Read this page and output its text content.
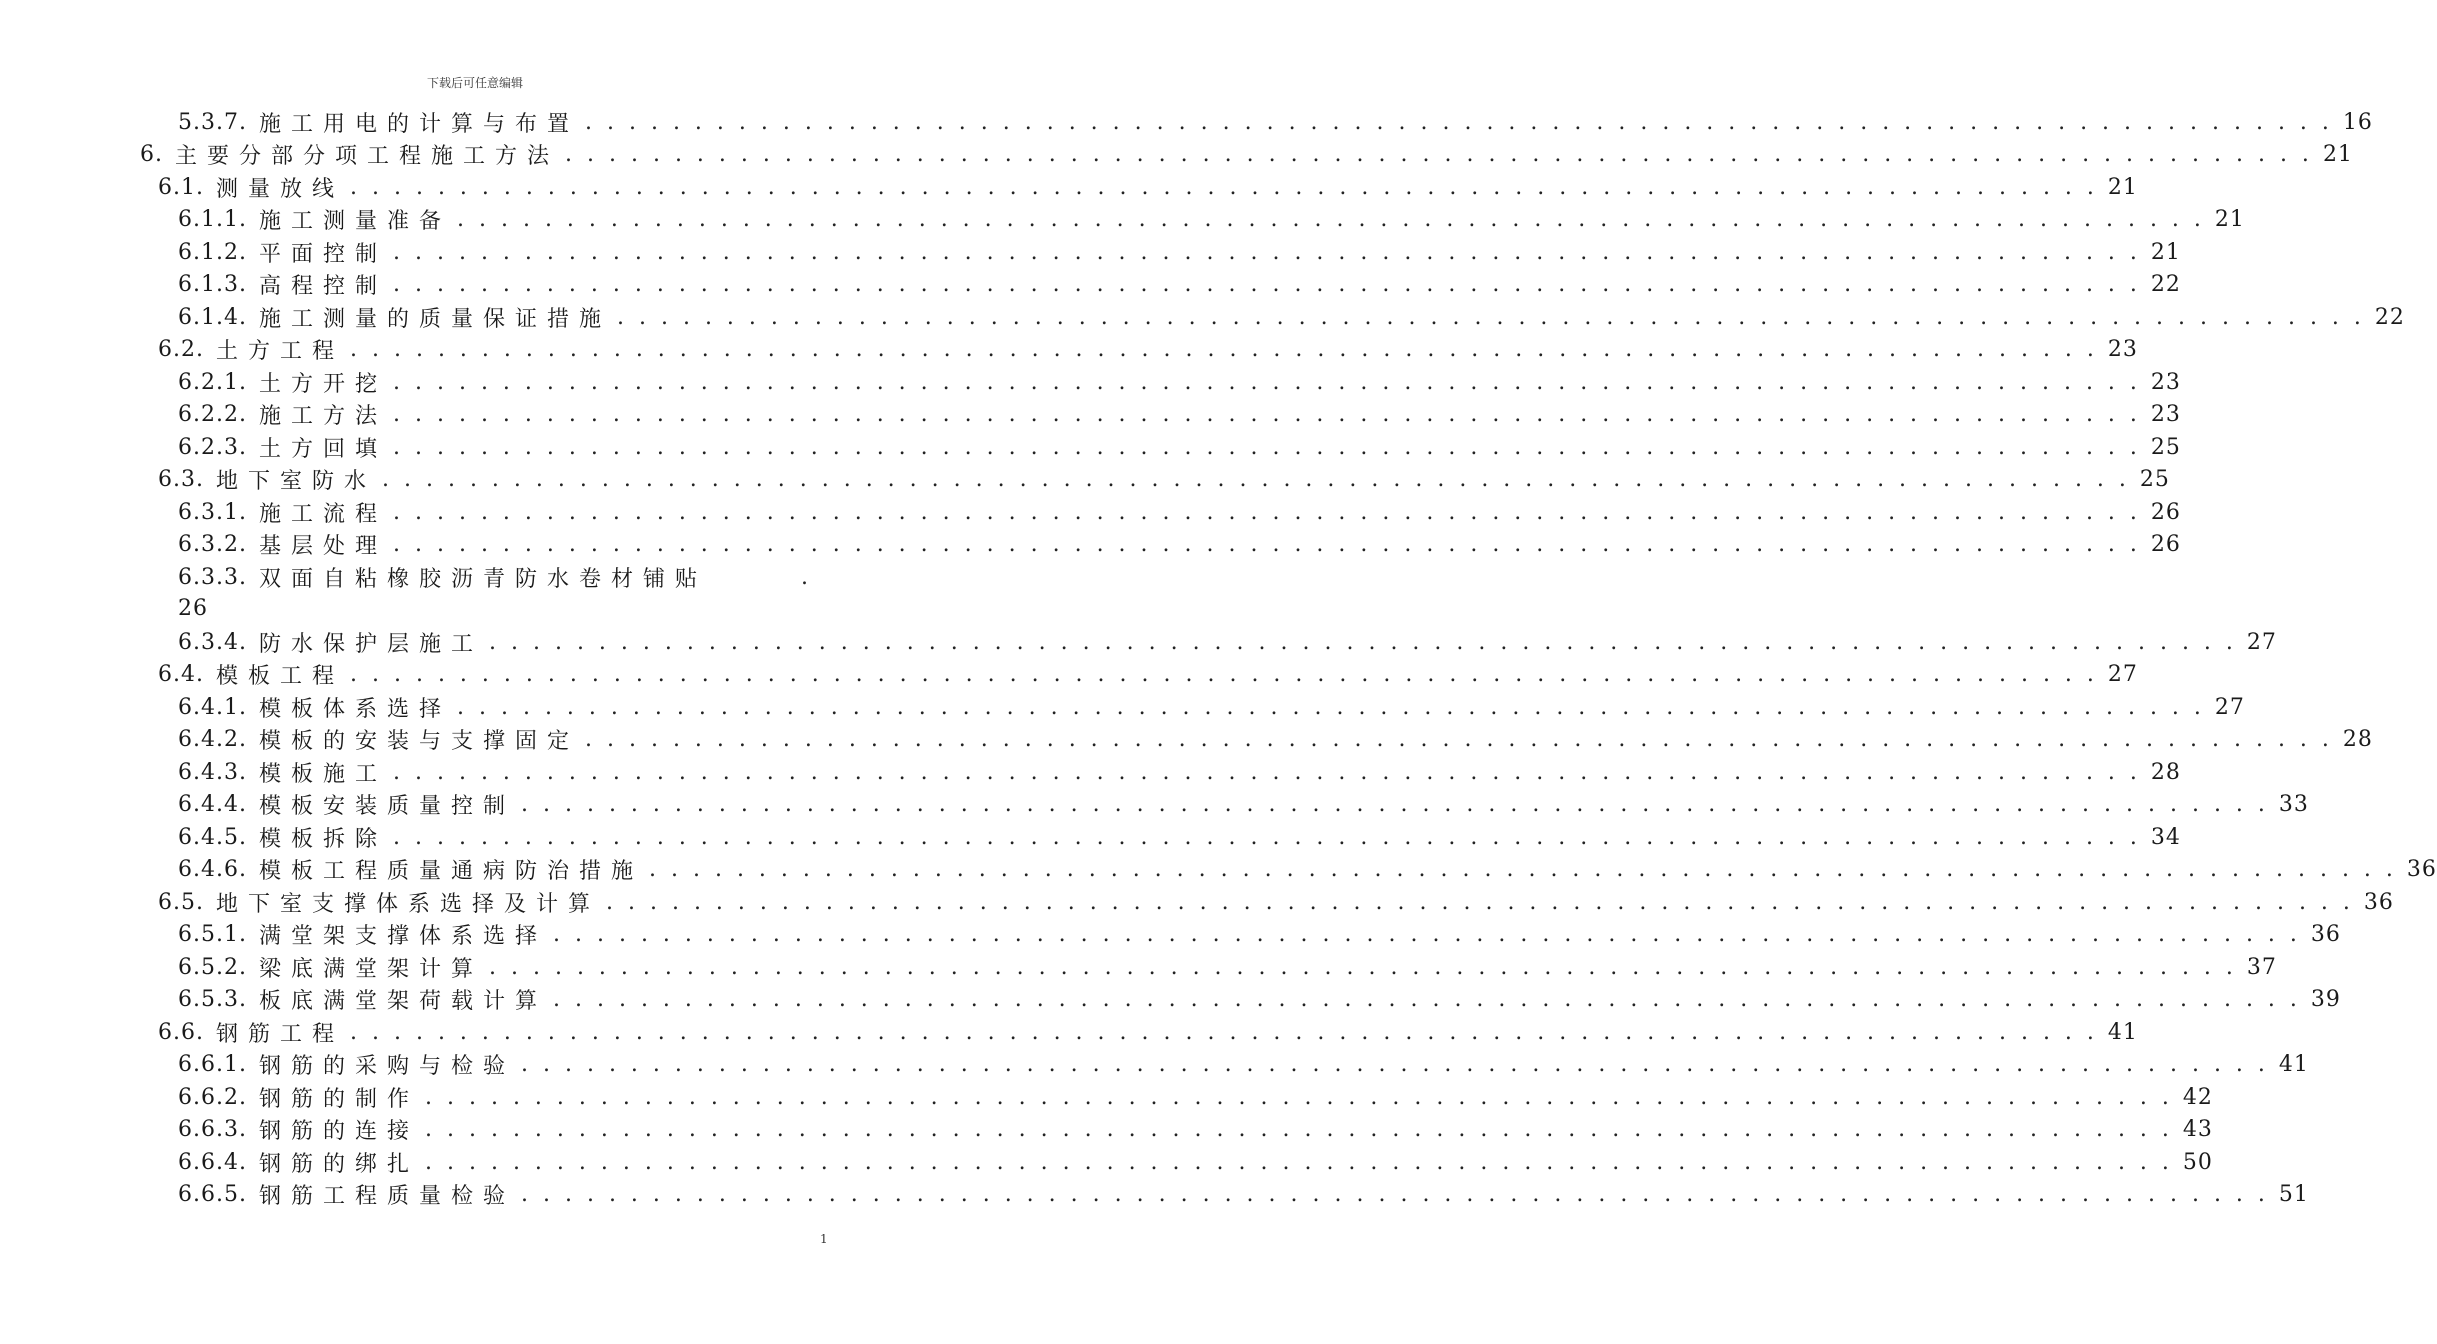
下载后可任意编辑
5.3.7. 施工用电的计算与布置 . . . . . . . . . . . . . . . . . . . . . . . . . . . . . . . . . . . . . . . . . . . . . . . . . . . . . . . . . . . . . . . . . . . . . . . . . . . . . . . . 16
6. 主要分部分项工程施工方法 . . . . . . . . . . . . . . . . . . . . . . . . . . . . . . . . . . . . . . . . . . . . . . . . . . . . . . . . . . . . . . . . . . . . . . . . . . . . . . . . 21
6.1. 测量放线 . . . . . . . . . . . . . . . . . . . . . . . . . . . . . . . . . . . . . . . . . . . . . . . . . . . . . . . . . . . . . . . . . . . . . . . . . . . . . . . . 21
6.1.1. 施工测量准备 . . . . . . . . . . . . . . . . . . . . . . . . . . . . . . . . . . . . . . . . . . . . . . . . . . . . . . . . . . . . . . . . . . . . . . . . . . . . . . . . 21
6.1.2. 平面控制 . . . . . . . . . . . . . . . . . . . . . . . . . . . . . . . . . . . . . . . . . . . . . . . . . . . . . . . . . . . . . . . . . . . . . . . . . . . . . . . . 21
6.1.3. 高程控制 . . . . . . . . . . . . . . . . . . . . . . . . . . . . . . . . . . . . . . . . . . . . . . . . . . . . . . . . . . . . . . . . . . . . . . . . . . . . . . . . 22
6.1.4. 施工测量的质量保证措施 . . . . . . . . . . . . . . . . . . . . . . . . . . . . . . . . . . . . . . . . . . . . . . . . . . . . . . . . . . . . . . . . . . . . . . . . . . . . . . . . 22
6.2. 土方工程 . . . . . . . . . . . . . . . . . . . . . . . . . . . . . . . . . . . . . . . . . . . . . . . . . . . . . . . . . . . . . . . . . . . . . . . . . . . . . . . . 23
6.2.1. 土方开挖 . . . . . . . . . . . . . . . . . . . . . . . . . . . . . . . . . . . . . . . . . . . . . . . . . . . . . . . . . . . . . . . . . . . . . . . . . . . . . . . . 23
6.2.2. 施工方法 . . . . . . . . . . . . . . . . . . . . . . . . . . . . . . . . . . . . . . . . . . . . . . . . . . . . . . . . . . . . . . . . . . . . . . . . . . . . . . . . 23
6.2.3. 土方回填 . . . . . . . . . . . . . . . . . . . . . . . . . . . . . . . . . . . . . . . . . . . . . . . . . . . . . . . . . . . . . . . . . . . . . . . . . . . . . . . . 25
6.3. 地下室防水 . . . . . . . . . . . . . . . . . . . . . . . . . . . . . . . . . . . . . . . . . . . . . . . . . . . . . . . . . . . . . . . . . . . . . . . . . . . . . . . . 25
6.3.1. 施工流程 . . . . . . . . . . . . . . . . . . . . . . . . . . . . . . . . . . . . . . . . . . . . . . . . . . . . . . . . . . . . . . . . . . . . . . . . . . . . . . . . 26
6.3.2. 基层处理 . . . . . . . . . . . . . . . . . . . . . . . . . . . . . . . . . . . . . . . . . . . . . . . . . . . . . . . . . . . . . . . . . . . . . . . . . . . . . . . . 26
6.3.3. 双面自粘橡胶沥青防水卷材铺贴	.
26
6.3.4. 防水保护层施工 . . . . . . . . . . . . . . . . . . . . . . . . . . . . . . . . . . . . . . . . . . . . . . . . . . . . . . . . . . . . . . . . . . . . . . . . . . . . . . . . 27
6.4. 模板工程 . . . . . . . . . . . . . . . . . . . . . . . . . . . . . . . . . . . . . . . . . . . . . . . . . . . . . . . . . . . . . . . . . . . . . . . . . . . . . . . . 27
6.4.1. 模板体系选择 . . . . . . . . . . . . . . . . . . . . . . . . . . . . . . . . . . . . . . . . . . . . . . . . . . . . . . . . . . . . . . . . . . . . . . . . . . . . . . . . 27
6.4.2. 模板的安装与支撑固定 . . . . . . . . . . . . . . . . . . . . . . . . . . . . . . . . . . . . . . . . . . . . . . . . . . . . . . . . . . . . . . . . . . . . . . . . . . . . . . . . 28
6.4.3. 模板施工 . . . . . . . . . . . . . . . . . . . . . . . . . . . . . . . . . . . . . . . . . . . . . . . . . . . . . . . . . . . . . . . . . . . . . . . . . . . . . . . . 28
6.4.4. 模板安装质量控制 . . . . . . . . . . . . . . . . . . . . . . . . . . . . . . . . . . . . . . . . . . . . . . . . . . . . . . . . . . . . . . . . . . . . . . . . . . . . . . . . 33
6.4.5. 模板拆除 . . . . . . . . . . . . . . . . . . . . . . . . . . . . . . . . . . . . . . . . . . . . . . . . . . . . . . . . . . . . . . . . . . . . . . . . . . . . . . . . 34
6.4.6. 模板工程质量通病防治措施 . . . . . . . . . . . . . . . . . . . . . . . . . . . . . . . . . . . . . . . . . . . . . . . . . . . . . . . . . . . . . . . . . . . . . . . . . . . . . . . . 36
6.5. 地下室支撑体系选择及计算 . . . . . . . . . . . . . . . . . . . . . . . . . . . . . . . . . . . . . . . . . . . . . . . . . . . . . . . . . . . . . . . . . . . . . . . . . . . . . . . . 36
6.5.1. 满堂架支撑体系选择 . . . . . . . . . . . . . . . . . . . . . . . . . . . . . . . . . . . . . . . . . . . . . . . . . . . . . . . . . . . . . . . . . . . . . . . . . . . . . . . . 36
6.5.2. 梁底满堂架计算 . . . . . . . . . . . . . . . . . . . . . . . . . . . . . . . . . . . . . . . . . . . . . . . . . . . . . . . . . . . . . . . . . . . . . . . . . . . . . . . . 37
6.5.3. 板底满堂架荷载计算 . . . . . . . . . . . . . . . . . . . . . . . . . . . . . . . . . . . . . . . . . . . . . . . . . . . . . . . . . . . . . . . . . . . . . . . . . . . . . . . . 39
6.6. 钢筋工程 . . . . . . . . . . . . . . . . . . . . . . . . . . . . . . . . . . . . . . . . . . . . . . . . . . . . . . . . . . . . . . . . . . . . . . . . . . . . . . . . 41
6.6.1. 钢筋的采购与检验 . . . . . . . . . . . . . . . . . . . . . . . . . . . . . . . . . . . . . . . . . . . . . . . . . . . . . . . . . . . . . . . . . . . . . . . . . . . . . . . . 41
6.6.2. 钢筋的制作 . . . . . . . . . . . . . . . . . . . . . . . . . . . . . . . . . . . . . . . . . . . . . . . . . . . . . . . . . . . . . . . . . . . . . . . . . . . . . . . . 42
6.6.3. 钢筋的连接 . . . . . . . . . . . . . . . . . . . . . . . . . . . . . . . . . . . . . . . . . . . . . . . . . . . . . . . . . . . . . . . . . . . . . . . . . . . . . . . . 43
6.6.4. 钢筋的绑扎 . . . . . . . . . . . . . . . . . . . . . . . . . . . . . . . . . . . . . . . . . . . . . . . . . . . . . . . . . . . . . . . . . . . . . . . . . . . . . . . . 50
6.6.5. 钢筋工程质量检验 . . . . . . . . . . . . . . . . . . . . . . . . . . . . . . . . . . . . . . . . . . . . . . . . . . . . . . . . . . . . . . . . . . . . . . . . . . . . . . . . 51
1
